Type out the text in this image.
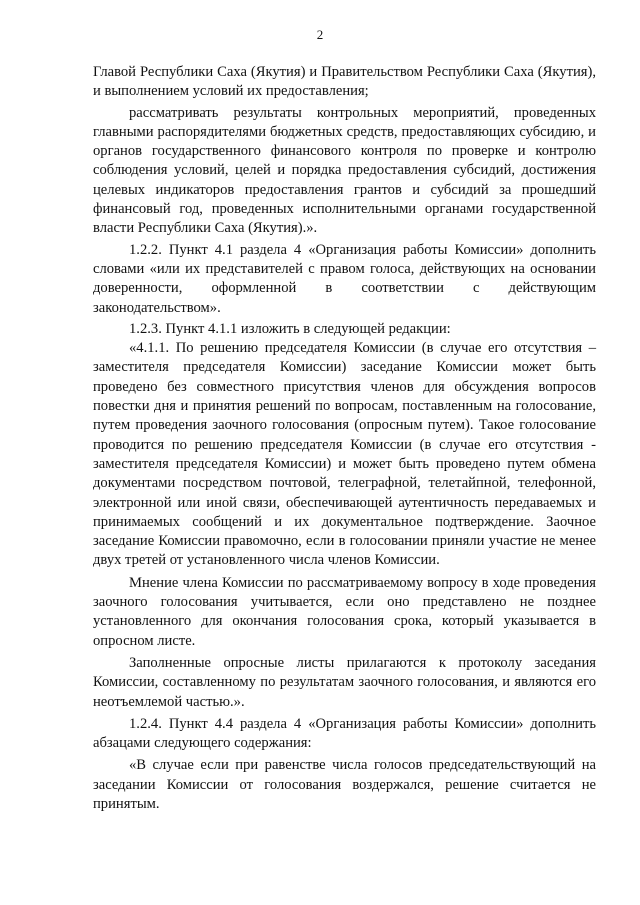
2

Главой Республики Саха (Якутия) и Правительством Республики Саха (Якутия), и выполнением условий их предоставления;

рассматривать результаты контрольных мероприятий, проведенных главными распорядителями бюджетных средств, предоставляющих субсидию, и органов государственного финансового контроля по проверке и контролю соблюдения условий, целей и порядка предоставления субсидий, достижения целевых индикаторов предоставления грантов и субсидий за прошедший финансовый год, проведенных исполнительными органами государственной власти Республики Саха (Якутия).».

1.2.2. Пункт 4.1 раздела 4 «Организация работы Комиссии» дополнить словами «или их представителей с правом голоса, действующих на основании доверенности, оформленной в соответствии с действующим законодательством».

1.2.3. Пункт 4.1.1 изложить в следующей редакции:

«4.1.1. По решению председателя Комиссии (в случае его отсутствия – заместителя председателя Комиссии) заседание Комиссии может быть проведено без совместного присутствия членов для обсуждения вопросов повестки дня и принятия решений по вопросам, поставленным на голосование, путем проведения заочного голосования (опросным путем). Такое голосование проводится по решению председателя Комиссии (в случае его отсутствия - заместителя председателя Комиссии) и может быть проведено путем обмена документами посредством почтовой, телеграфной, телетайпной, телефонной, электронной или иной связи, обеспечивающей аутентичность передаваемых и принимаемых сообщений и их документальное подтверждение. Заочное заседание Комиссии правомочно, если в голосовании приняли участие не менее двух третей от установленного числа членов Комиссии.

Мнение члена Комиссии по рассматриваемому вопросу в ходе проведения заочного голосования учитывается, если оно представлено не позднее установленного для окончания голосования срока, который указывается в опросном листе.

Заполненные опросные листы прилагаются к протоколу заседания Комиссии, составленному по результатам заочного голосования, и являются его неотъемлемой частью.».

1.2.4. Пункт 4.4 раздела 4 «Организация работы Комиссии» дополнить абзацами следующего содержания:

«В случае если при равенстве числа голосов председательствующий на заседании Комиссии от голосования воздержался, решение считается не принятым.
